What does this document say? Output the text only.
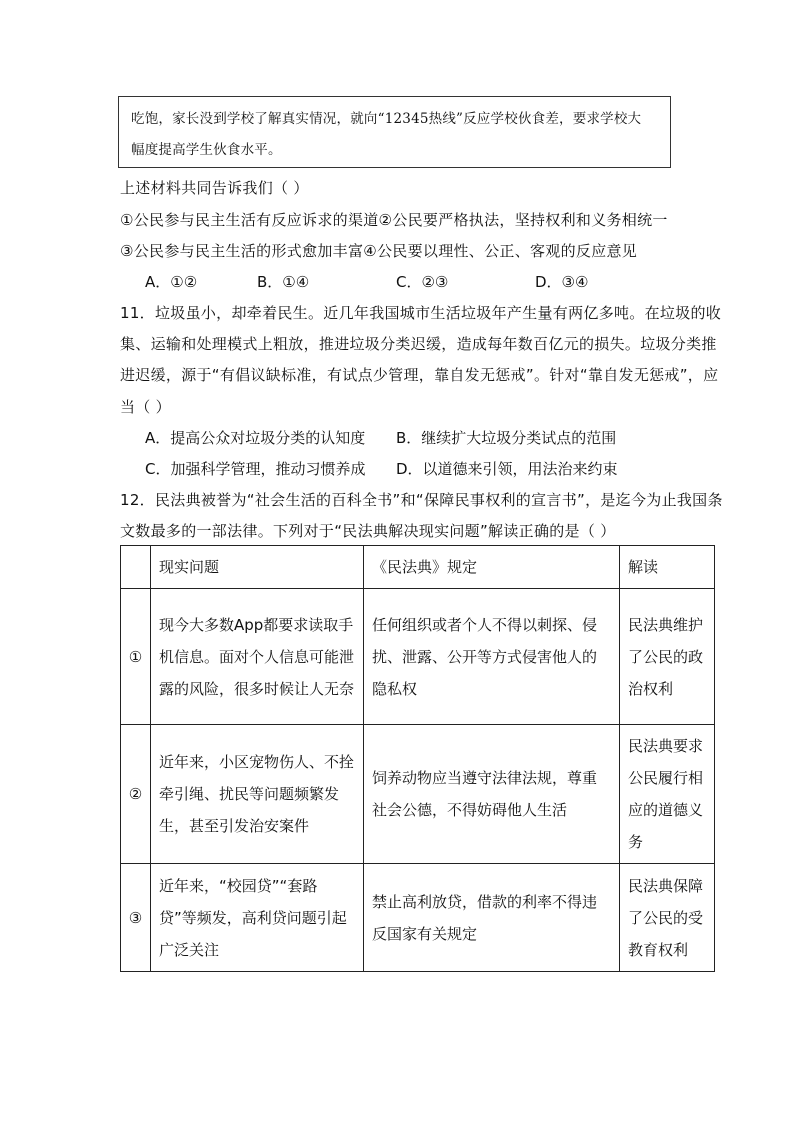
吃饱，家长没到学校了解真实情况，就向“12345热线”反应学校伙食差，要求学校大
幅度提高学生伙食水平。
上述材料共同告诉我们（ ）
①公民参与民主生活有反应诉求的渠道②公民要严格执法，坚持权利和义务相统一
③公民参与民主生活的形式愈加丰富④公民要以理性、公正、客观的反应意见
A．①②	B．①④	C．②③	D．③④
11．垃圾虽小，却牵着民生。近几年我国城市生活垃圾年产生量有两亿多吨。在垃圾的收
集、运输和处理模式上粗放，推进垃圾分类迟缓，造成每年数百亿元的损失。垃圾分类推
进迟缓，源于“有倡议缺标准，有试点少管理，靠自发无惩戒”。针对“靠自发无惩戒”，应
当（ ）
A．提高公众对垃圾分类的认知度 B．继续扩大垃圾分类试点的范围
C．加强科学管理，推动习惯养成 D．以道德来引领，用法治来约束
12．民法典被誉为“社会生活的百科全书”和“保障民事权利的宣言书”，是迄今为止我国条
文数最多的一部法律。下列对于“民法典解决现实问题”解读正确的是（ ）
	现实问题	《民法典》规定	解读
①	现今大多数App都要求读取手机信息。面对个人信息可能泄露的风险，很多时候让人无奈	任何组织或者个人不得以刺探、侵扰、泄露、公开等方式侵害他人的隐私权	民法典维护了公民的政治权利
②	近年来，小区宠物伤人、不拴牵引绳、扰民等问题频繁发生，甚至引发治安案件	饲养动物应当遵守法律法规，尊重社会公德，不得妨碍他人生活	民法典要求公民履行相应的道德义务
③	近年来，“校园贷”“套路贷”等频发，高利贷问题引起广泛关注	禁止高利放贷，借款的利率不得违反国家有关规定	民法典保障了公民的受教育权利
